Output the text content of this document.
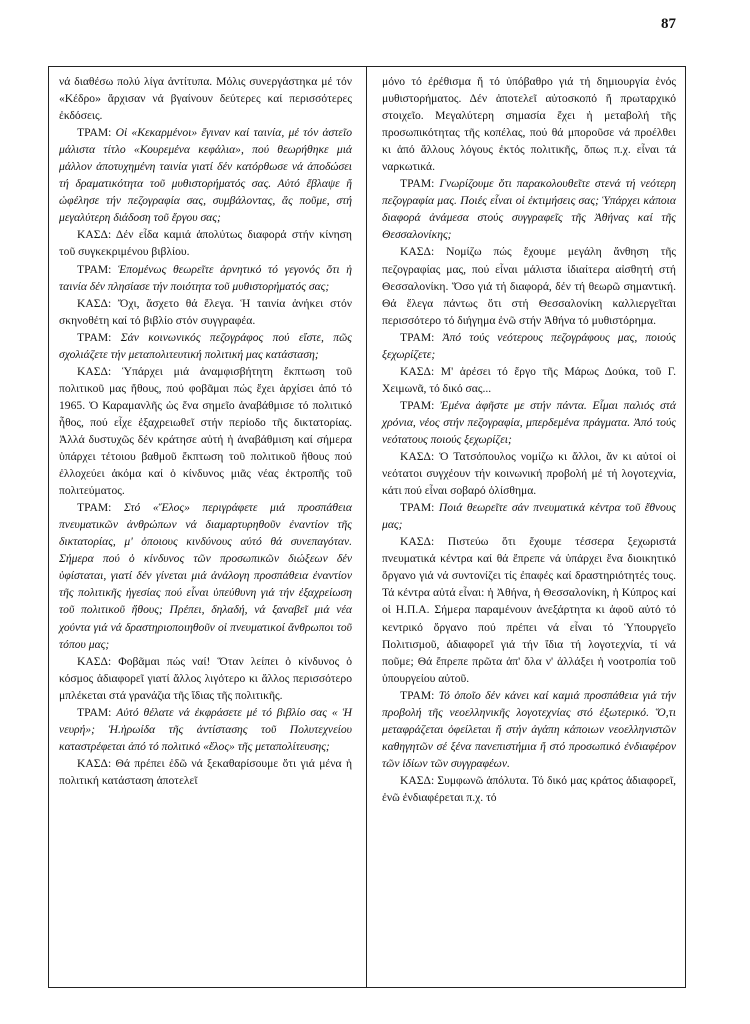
87

νά διαθέσω πολύ λίγα ἀντίτυπα. Μόλις συνεργάστηκα μέ τόν «Κέδρο» ἄρχισαν νά βγαίνουν δεύτερες καί περισσότερες ἐκδόσεις.

ΤΡΑΜ: Οἱ «Κεκαρμένοι» ἔγιναν καί ταινία, μέ τόν ἀστεῖο μάλιστα τίτλο «Κουρεμένα κεφάλια», πού θεωρήθηκε μιά μάλλον ἀποτυχημένη ταινία γιατί δέν κατόρθωσε νά ἀποδώσει τή δραματικότητα τοῦ μυθιστορήματός σας. Αὐτό ἔβλαψε ἤ ὠφέλησε τήν πεζογραφία σας, συμβάλοντας, ἄς ποῦμε, στή μεγαλύτερη διάδοση τοῦ ἔργου σας;

ΚΑΣΔ: Δέν εἶδα καμιά ἀπολύτως διαφορά στήν κίνηση τοῦ συγκεκριμένου βιβλίου.

ΤΡΑΜ: Ἑπομένως θεωρεῖτε ἀρνητικό τό γεγονός ὅτι ἡ ταινία δέν πλησίασε τήν ποιότητα τοῦ μυθιστορήματός σας;

ΚΑΣΔ: Ὄχι, ἄσχετο θά ἔλεγα. Ἡ ταινία ἀνήκει στόν σκηνοθέτη καί τό βιβλίο στόν συγγραφέα.

ΤΡΑΜ: Σάν κοινωνικός πεζογράφος πού εἴστε, πῶς σχολιάζετε τήν μεταπολιτευτική πολιτική μας κατάσταση;

ΚΑΣΔ: Ὑπάρχει μιά ἀναμφισβήτητη ἔκπτωση τοῦ πολιτικοῦ μας ἤθους, πού φοβᾶμαι πώς ἔχει ἀρχίσει ἀπό τό 1965. Ὁ Καραμανλῆς ὡς ἕνα σημεῖο ἀναβάθμισε τό πολιτικό ἦθος, πού εἶχε ἐξαχρειωθεῖ στήν περίοδο τῆς δικτατορίας. Ἀλλά δυστυχῶς δέν κράτησε αὐτή ἡ ἀναβάθμιση καί σήμερα ὑπάρχει τέτοιου βαθμοῦ ἔκπτωση τοῦ πολιτικοῦ ἤθους πού ἐλλοχεύει ἀκόμα καί ὁ κίνδυνος μιᾶς νέας ἐκτροπῆς τοῦ πολιτεύματος.

ΤΡΑΜ: Στό «Ἕλος» περιγράφετε μιά προσπάθεια πνευματικῶν ἀνθρώπων νά διαμαρτυρηθοῦν ἐναντίον τῆς δικτατορίας, μ' ὁποιους κινδύνους αὐτό θά συνεπαγόταν. Σήμερα πού ὁ κίνδυνος τῶν προσωπικῶν διώξεων δέν ὑφίσταται, γιατί δέν γίνεται μιά ἀνάλογη προσπάθεια ἐναντίον τῆς πολιτικῆς ἡγεσίας πού εἶναι ὑπεύθυνη γιά τήν ἐξαχρείωση τοῦ πολιτικοῦ ἤθους; Πρέπει, δηλαδή, νά ξαναβεῖ μιά νέα χούντα γιά νά δραστηριοποιηθοῦν οἱ πνευματικοί ἄνθρωποι τοῦ τόπου μας;

ΚΑΣΔ: Φοβᾶμαι πώς ναί! Ὅταν λείπει ὁ κίνδυνος ὁ κόσμος ἀδιαφορεῖ γιατί ἄλλος λιγότερο κι ἄλλος περισσότερο μπλέκεται στά γρανάζια τῆς ἴδιας τῆς πολιτικῆς.

ΤΡΑΜ: Αὐτό θέλατε νά ἐκφράσετε μέ τό βιβλίο σας « Ἡ νευρή»; Ἡ.ἡρωίδα τῆς ἀντίστασης τοῦ Πολυτεχνείου καταστρέφεται ἀπό τό πολιτικό «ἕλος» τῆς μεταπολίτευσης;

ΚΑΣΔ: Θά πρέπει ἐδῶ νά ξεκαθαρίσουμε ὅτι γιά μένα ἡ πολιτική κατάσταση ἀποτελεῖ

μόνο τό ἐρέθισμα ἤ τό ὑπόβαθρο γιά τή δημιουργία ἑνός μυθιστορήματος. Δέν ἀποτελεῖ αὐτοσκοπό ἤ πρωταρχικό στοιχεῖο. Μεγαλύτερη σημασία ἔχει ἡ μεταβολή τῆς προσωπικότητας τῆς κοπέλας, πού θά μποροῦσε νά προέλθει κι ἀπό ἄλλους λόγους ἐκτός πολιτικῆς, ὅπως π.χ. εἶναι τά ναρκωτικά.

ΤΡΑΜ: Γνωρίζουμε ὅτι παρακολουθεῖτε στενά τή νεότερη πεζογραφία μας. Ποιές εἶναι οἱ ἐκτιμήσεις σας; Ὑπάρχει κάποια διαφορά ἀνάμεσα στούς συγγραφεῖς τῆς Ἀθήνας καί τῆς Θεσσαλονίκης;

ΚΑΣΔ: Νομίζω πώς ἔχουμε μεγάλη ἄνθηση τῆς πεζογραφίας μας, πού εἶναι μάλιστα ἰδιαίτερα αἰσθητή στή Θεσσαλονίκη. Ὅσο γιά τή διαφορά, δέν τή θεωρῶ σημαντική. Θά ἔλεγα πάντως ὅτι στή Θεσσαλονίκη καλλιεργεῖται περισσότερο τό διήγημα ἐνῶ στήν Ἀθήνα τό μυθιστόρημα.

ΤΡΑΜ: Ἀπό τούς νεότερους πεζογράφους μας, ποιούς ξεχωρίζετε;

ΚΑΣΔ: Μ' ἀρέσει τό ἔργο τῆς Μάρως Δούκα, τοῦ Γ. Χειμωνᾶ, τό δικό σας...

ΤΡΑΜ: Ἐμένα ἀφῆστε με στήν πάντα. Εἶμαι παλιός στά χρόνια, νέος στήν πεζογραφία, μπερδεμένα πράγματα. Ἀπό τούς νεότατους ποιούς ξεχωρίζει;

ΚΑΣΔ: Ὁ Τατσόπουλος νομίζω κι ἄλλοι, ἄν κι αὐτοί οἱ νεότατοι συγχέουν τήν κοινωνική προβολή μέ τή λογοτεχνία, κάτι πού εἶναι σοβαρό ὀλίσθημα.

ΤΡΑΜ: Ποιά θεωρεῖτε σάν πνευματικά κέντρα τοῦ ἔθνους μας;

ΚΑΣΔ: Πιστεύω ὅτι ἔχουμε τέσσερα ξεχωριστά πνευματικά κέντρα καί θά ἔπρεπε νά ὑπάρχει ἕνα διοικητικό ὄργανο γιά νά συντονίζει τίς ἐπαφές καί δραστηριότητές τους. Τά κέντρα αὐτά εἶναι: ἡ Ἀθήνα, ἡ Θεσσαλονίκη, ἡ Κύπρος καί οἱ Η.Π.Α. Σήμερα παραμένουν ἀνεξάρτητα κι ἀφοῦ αὐτό τό κεντρικό ὄργανο πού πρέπει νά εἶναι τό Ὑπουργεῖο Πολιτισμοῦ, ἀδιαφορεῖ γιά τήν ἴδια τή λογοτεχνία, τί νά ποῦμε; Θά ἔπρεπε πρῶτα ἀπ' ὅλα ν' ἀλλάξει ἡ νοοτροπία τοῦ ὑπουργείου αὐτοῦ.

ΤΡΑΜ: Τό ὁποῖο δέν κάνει καί καμιά προσπάθεια γιά τήν προβολή τῆς νεοελληνικῆς λογοτεχνίας στό ἐξωτερικό. Ὅ,τι μεταφράζεται ὀφείλεται ἤ στήν ἀγάπη κάποιων νεοελληνιστῶν καθηγητῶν σέ ξένα πανεπιστήμια ἤ στό προσωπικό ἐνδιαφέρον τῶν ἰδίων τῶν συγγραφέων.

ΚΑΣΔ: Συμφωνῶ ἀπόλυτα. Τό δικό μας κράτος ἀδιαφορεῖ, ἐνῶ ἐνδιαφέρεται π.χ. τό
